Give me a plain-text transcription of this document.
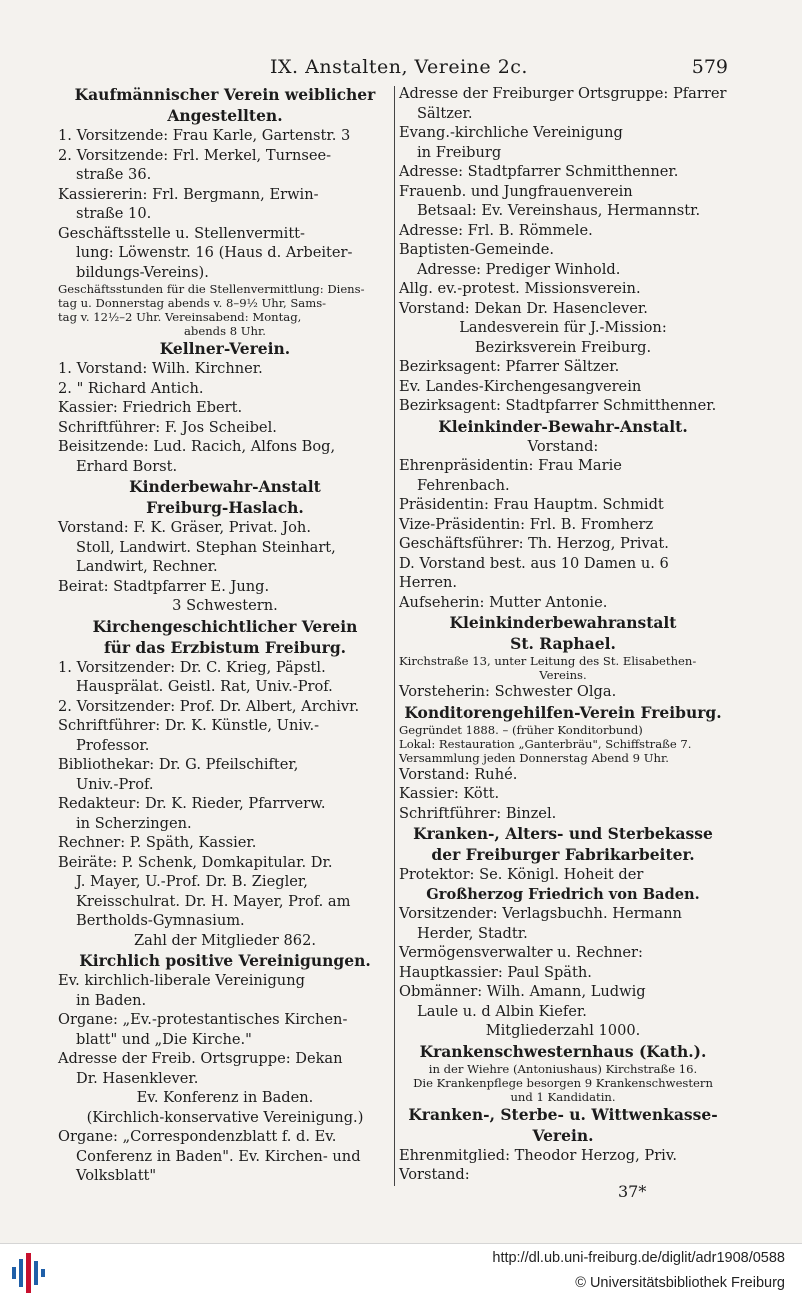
IX. Anstalten, Vereine 2c.	579

Kaufmännischer Verein weiblicher

Angestellten.

1. Vorsitzende: Frau Karle, Gartenstr. 3

2. Vorsitzende: Frl. Merkel, Turnsee-

straße 36.

Kassiererin: Frl. Bergmann, Erwin-

straße 10.

Geschäftsstelle u. Stellenvermitt-

lung: Löwenstr. 16 (Haus d. Arbeiter-

bildungs-Vereins).

Geschäftsstunden für die Stellenvermittlung: Diens-

tag u. Donnerstag abends v. 8–9½ Uhr, Sams-

tag v. 12½–2 Uhr. Vereinsabend: Montag,

abends 8 Uhr.

Kellner-Verein.

1. Vorstand: Wilh. Kirchner.

2. " Richard Antich.

Kassier: Friedrich Ebert.

Schriftführer: F. Jos Scheibel.

Beisitzende: Lud. Racich, Alfons Bog,

Erhard Borst.

Kinderbewahr-Anstalt

Freiburg-Haslach.

Vorstand: F. K. Gräser, Privat. Joh.

Stoll, Landwirt. Stephan Steinhart,

Landwirt, Rechner.

Beirat: Stadtpfarrer E. Jung.

3 Schwestern.

Kirchengeschichtlicher Verein

für das Erzbistum Freiburg.

1. Vorsitzender: Dr. C. Krieg, Päpstl.

Hausprälat. Geistl. Rat, Univ.-Prof.

2. Vorsitzender: Prof. Dr. Albert, Archivr.

Schriftführer: Dr. K. Künstle, Univ.-

Professor.

Bibliothekar: Dr. G. Pfeilschifter,

Univ.-Prof.

Redakteur: Dr. K. Rieder, Pfarrverw.

in Scherzingen.

Rechner: P. Späth, Kassier.

Beiräte: P. Schenk, Domkapitular. Dr.

J. Mayer, U.-Prof. Dr. B. Ziegler,

Kreisschulrat. Dr. H. Mayer, Prof. am

Bertholds-Gymnasium.

Zahl der Mitglieder 862.

Kirchlich positive Vereinigungen.

Ev. kirchlich-liberale Vereinigung

in Baden.

Organe: „Ev.-protestantisches Kirchen-

blatt" und „Die Kirche."

Adresse der Freib. Ortsgruppe: Dekan

Dr. Hasenklever.

Ev. Konferenz in Baden.

(Kirchlich-konservative Vereinigung.)

Organe: „Correspondenzblatt f. d. Ev.

Conferenz in Baden". Ev. Kirchen- und

Volksblatt"

Adresse der Freiburger Ortsgruppe: Pfarrer

Sältzer.

Evang.-kirchliche Vereinigung

in Freiburg

Adresse: Stadtpfarrer Schmitthenner.

Frauenb. und Jungfrauenverein

Betsaal: Ev. Vereinshaus, Hermannstr.

Adresse: Frl. B. Römmele.

Baptisten-Gemeinde.

Adresse: Prediger Winhold.

Allg. ev.-protest. Missionsverein.

Vorstand: Dekan Dr. Hasenclever.

Landesverein für J.-Mission:

Bezirksverein Freiburg.

Bezirksagent: Pfarrer Sältzer.

Ev. Landes-Kirchengesangverein

Bezirksagent: Stadtpfarrer Schmitthenner.

Kleinkinder-Bewahr-Anstalt.

Vorstand:

Ehrenpräsidentin: Frau Marie

Fehrenbach.

Präsidentin: Frau Hauptm. Schmidt

Vize-Präsidentin: Frl. B. Fromherz

Geschäftsführer: Th. Herzog, Privat.

D. Vorstand best. aus 10 Damen u. 6 Herren.

Aufseherin: Mutter Antonie.

Kleinkinderbewahranstalt

St. Raphael.

Kirchstraße 13, unter Leitung des St. Elisabethen-

Vereins.

Vorsteherin: Schwester Olga.

Konditorengehilfen-Verein Freiburg.

Gegründet 1888. – (früher Konditorbund)

Lokal: Restauration „Ganterbräu", Schiffstraße 7.

Versammlung jeden Donnerstag Abend 9 Uhr.

Vorstand: Ruhé.

Kassier: Kött.

Schriftführer: Binzel.

Kranken-, Alters- und Sterbekasse

der Freiburger Fabrikarbeiter.

Protektor: Se. Königl. Hoheit der

Großherzog Friedrich von Baden.

Vorsitzender: Verlagsbuchh. Hermann

Herder, Stadtr.

Vermögensverwalter u. Rechner:

Hauptkassier: Paul Späth.

Obmänner: Wilh. Amann, Ludwig

Laule u. d Albin Kiefer.

Mitgliederzahl 1000.

Krankenschwesternhaus (Kath.).

in der Wiehre (Antoniushaus) Kirchstraße 16.

Die Krankenpflege besorgen 9 Krankenschwestern

und 1 Kandidatin.

Kranken-, Sterbe- u. Wittwenkasse-

Verein.

Ehrenmitglied: Theodor Herzog, Priv.

Vorstand:

37*
http://dl.ub.uni-freiburg.de/diglit/adr1908/0588
© Universitätsbibliothek Freiburg
